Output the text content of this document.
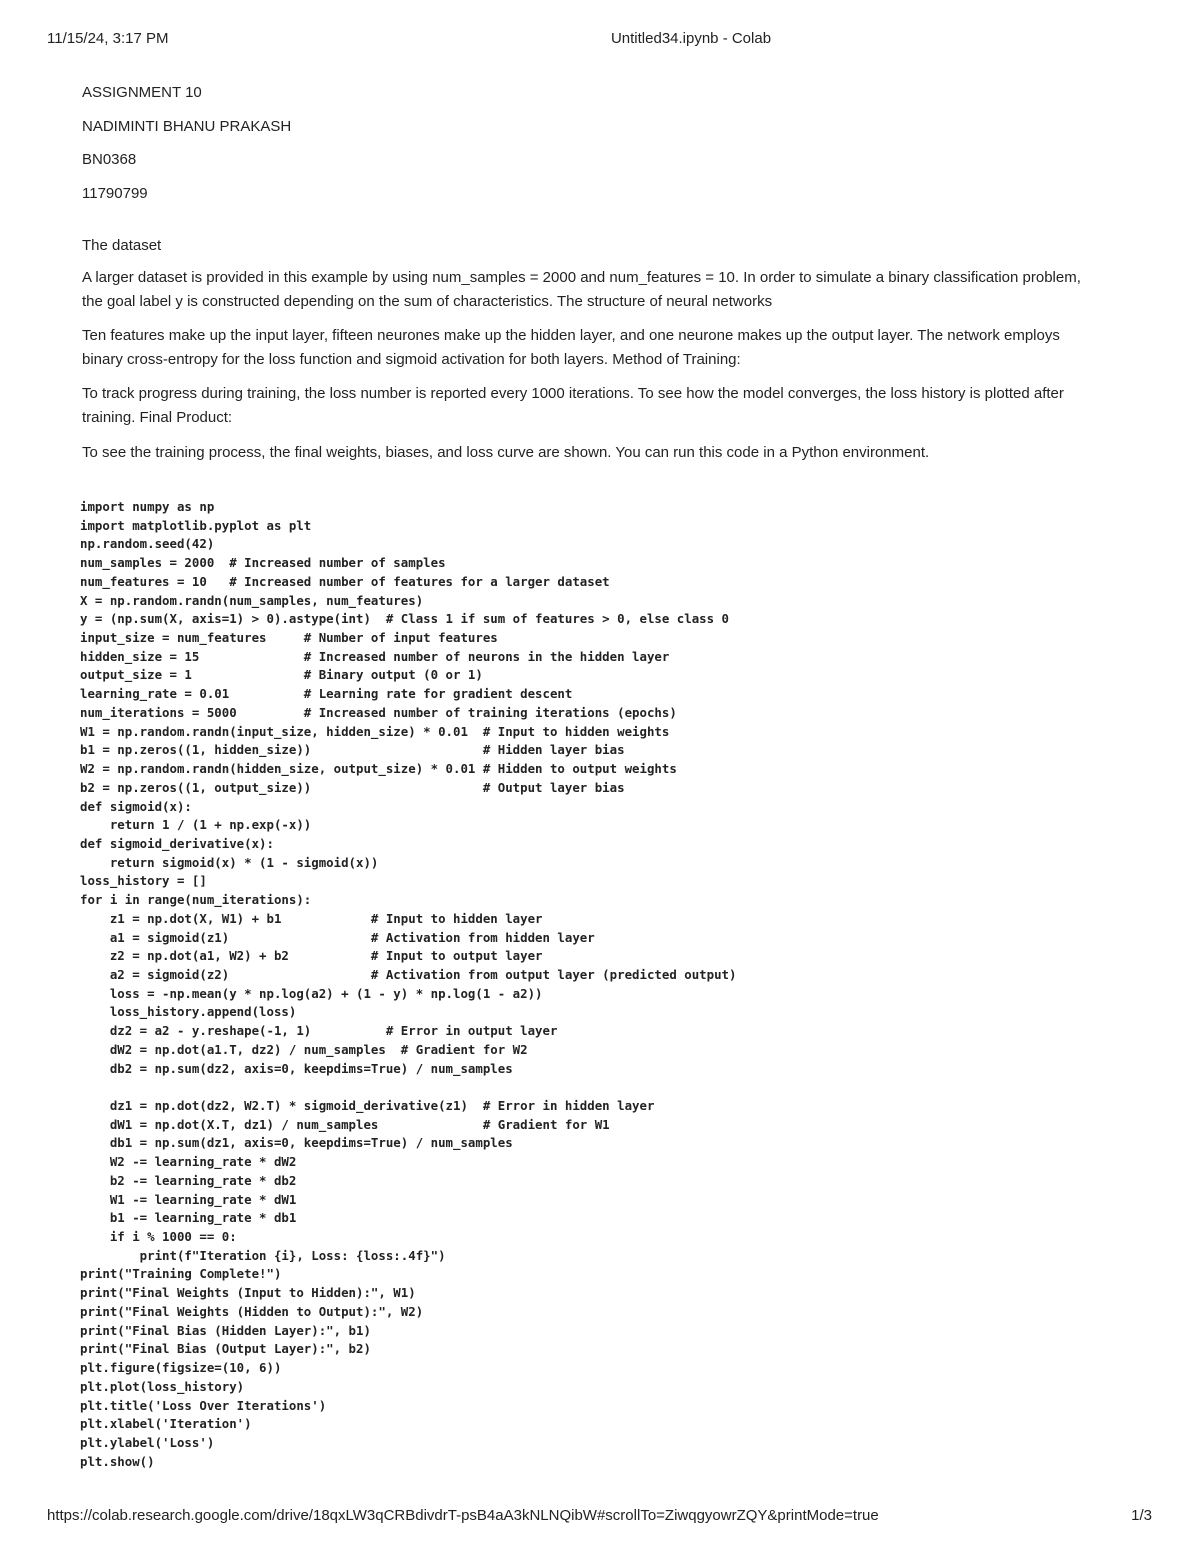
11/15/24, 3:17 PM	Untitled34.ipynb - Colab
ASSIGNMENT 10
NADIMINTI BHANU PRAKASH
BN0368
11790799
The dataset
A larger dataset is provided in this example by using num_samples = 2000 and num_features = 10. In order to simulate a binary classification problem, the goal label y is constructed depending on the sum of characteristics. The structure of neural networks
Ten features make up the input layer, fifteen neurones make up the hidden layer, and one neurone makes up the output layer. The network employs binary cross-entropy for the loss function and sigmoid activation for both layers. Method of Training:
To track progress during training, the loss number is reported every 1000 iterations. To see how the model converges, the loss history is plotted after training. Final Product:
To see the training process, the final weights, biases, and loss curve are shown. You can run this code in a Python environment.
import numpy as np
import matplotlib.pyplot as plt
np.random.seed(42)
num_samples = 2000  # Increased number of samples
num_features = 10   # Increased number of features for a larger dataset
X = np.random.randn(num_samples, num_features)
y = (np.sum(X, axis=1) > 0).astype(int)  # Class 1 if sum of features > 0, else class 0
input_size = num_features     # Number of input features
hidden_size = 15              # Increased number of neurons in the hidden layer
output_size = 1               # Binary output (0 or 1)
learning_rate = 0.01          # Learning rate for gradient descent
num_iterations = 5000         # Increased number of training iterations (epochs)
W1 = np.random.randn(input_size, hidden_size) * 0.01  # Input to hidden weights
b1 = np.zeros((1, hidden_size))                       # Hidden layer bias
W2 = np.random.randn(hidden_size, output_size) * 0.01 # Hidden to output weights
b2 = np.zeros((1, output_size))                       # Output layer bias
def sigmoid(x):
return 1 / (1 + np.exp(-x))
def sigmoid_derivative(x):
return sigmoid(x) * (1 - sigmoid(x))
loss_history = []
for i in range(num_iterations):
z1 = np.dot(X, W1) + b1            # Input to hidden layer
a1 = sigmoid(z1)                   # Activation from hidden layer
z2 = np.dot(a1, W2) + b2           # Input to output layer
a2 = sigmoid(z2)                   # Activation from output layer (predicted output)
loss = -np.mean(y * np.log(a2) + (1 - y) * np.log(1 - a2))
loss_history.append(loss)
dz2 = a2 - y.reshape(-1, 1)          # Error in output layer
dW2 = np.dot(a1.T, dz2) / num_samples  # Gradient for W2
db2 = np.sum(dz2, axis=0, keepdims=True) / num_samples
dz1 = np.dot(dz2, W2.T) * sigmoid_derivative(z1)  # Error in hidden layer
dW1 = np.dot(X.T, dz1) / num_samples              # Gradient for W1
db1 = np.sum(dz1, axis=0, keepdims=True) / num_samples
W2 -= learning_rate * dW2
b2 -= learning_rate * db2
W1 -= learning_rate * dW1
b1 -= learning_rate * db1
if i % 1000 == 0:
print(f"Iteration {i}, Loss: {loss:.4f}")
print("Training Complete!")
print("Final Weights (Input to Hidden):", W1)
print("Final Weights (Hidden to Output):", W2)
print("Final Bias (Hidden Layer):", b1)
print("Final Bias (Output Layer):", b2)
plt.figure(figsize=(10, 6))
plt.plot(loss_history)
plt.title('Loss Over Iterations')
plt.xlabel('Iteration')
plt.ylabel('Loss')
plt.show()
https://colab.research.google.com/drive/18qxLW3qCRBdivdrT-psB4aA3kNLNQibW#scrollTo=ZiwqgyowrZQY&printMode=true	1/3
